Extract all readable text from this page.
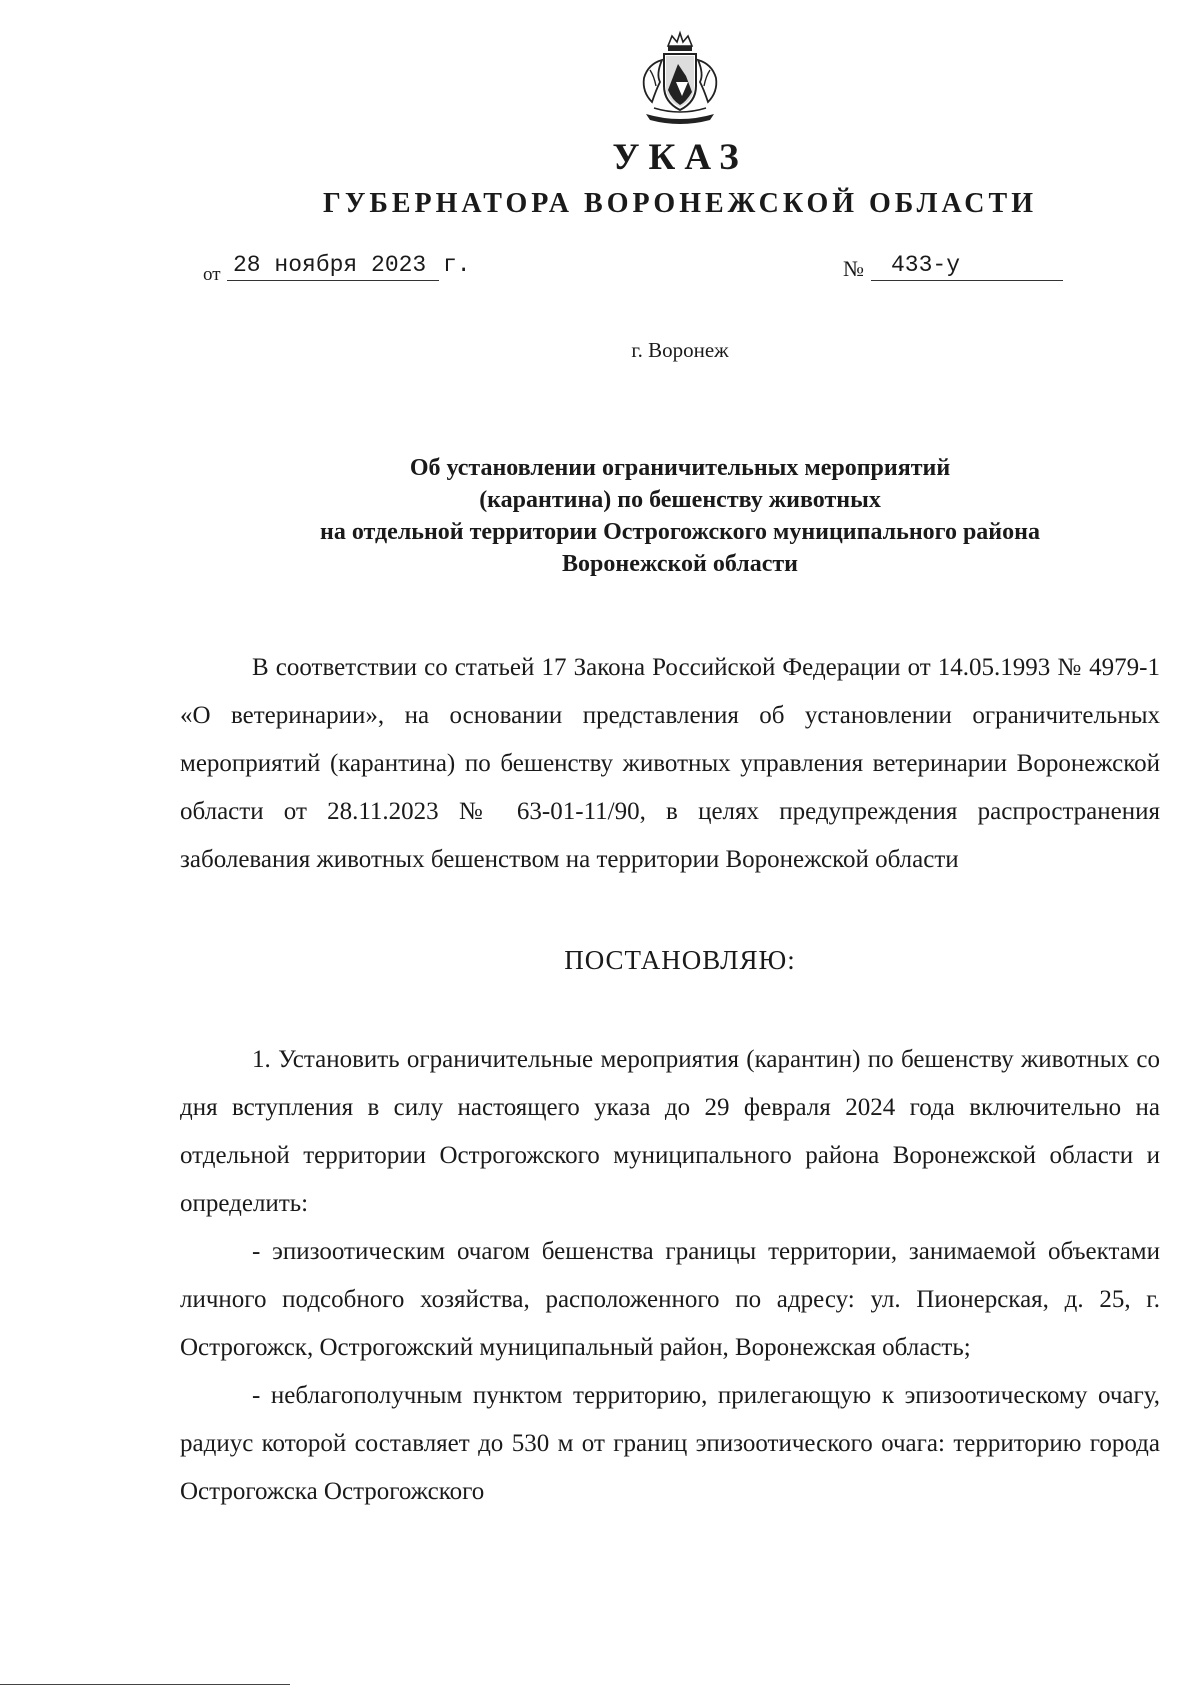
УКАЗ
ГУБЕРНАТОРА ВОРОНЕЖСКОЙ ОБЛАСТИ
от 28 ноября 2023 г.	№ 433-у
г. Воронеж
Об установлении ограничительных мероприятий
(карантина) по бешенству животных
на отдельной территории Острогожского муниципального района
Воронежской области

В соответствии со статьей 17 Закона Российской Федерации от 14.05.1993 № 4979-1 «О ветеринарии», на основании представления об установлении ограничительных мероприятий (карантина) по бешенству животных управления ветеринарии Воронежской области от 28.11.2023 № 63-01-11/90, в целях предупреждения распространения заболевания животных бешенством на территории Воронежской области

ПОСТАНОВЛЯЮ:

1. Установить ограничительные мероприятия (карантин) по бешенству животных со дня вступления в силу настоящего указа до 29 февраля 2024 года включительно на отдельной территории Острогожского муниципального района Воронежской области и определить:

- эпизоотическим очагом бешенства границы территории, занимаемой объектами личного подсобного хозяйства, расположенного по адресу: ул. Пионерская, д. 25, г. Острогожск, Острогожский муниципальный район, Воронежская область;

- неблагополучным пунктом территорию, прилегающую к эпизоотическому очагу, радиус которой составляет до 530 м от границ эпизоотического очага: территорию города Острогожска Острогожского
